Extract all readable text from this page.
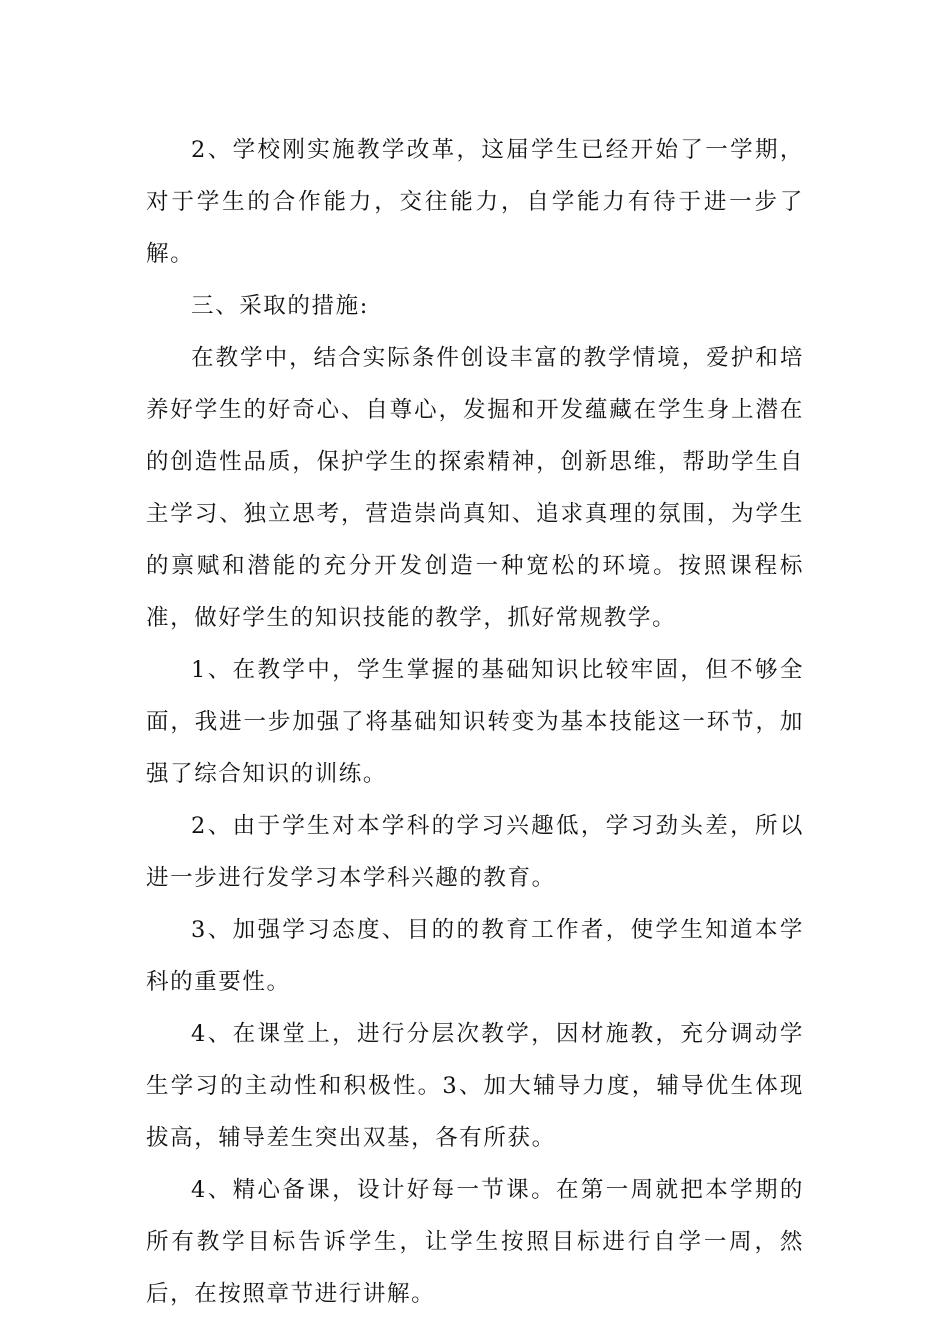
2、学校刚实施教学改革，这届学生已经开始了一学期，对于学生的合作能力，交往能力，自学能力有待于进一步了解。

三、采取的措施:

在教学中，结合实际条件创设丰富的教学情境，爱护和培养好学生的好奇心、自尊心，发掘和开发蕴藏在学生身上潜在的创造性品质，保护学生的探索精神，创新思维，帮助学生自主学习、独立思考，营造崇尚真知、追求真理的氛围，为学生的禀赋和潜能的充分开发创造一种宽松的环境。按照课程标准，做好学生的知识技能的教学，抓好常规教学。

1、在教学中，学生掌握的基础知识比较牢固，但不够全面，我进一步加强了将基础知识转变为基本技能这一环节，加强了综合知识的训练。

2、由于学生对本学科的学习兴趣低，学习劲头差，所以进一步进行发学习本学科兴趣的教育。

3、加强学习态度、目的的教育工作者，使学生知道本学科的重要性。

4、在课堂上，进行分层次教学，因材施教，充分调动学生学习的主动性和积极性。3、加大辅导力度，辅导优生体现拔高，辅导差生突出双基，各有所获。

4、精心备课，设计好每一节课。在第一周就把本学期的所有教学目标告诉学生，让学生按照目标进行自学一周，然后，在按照章节进行讲解。
